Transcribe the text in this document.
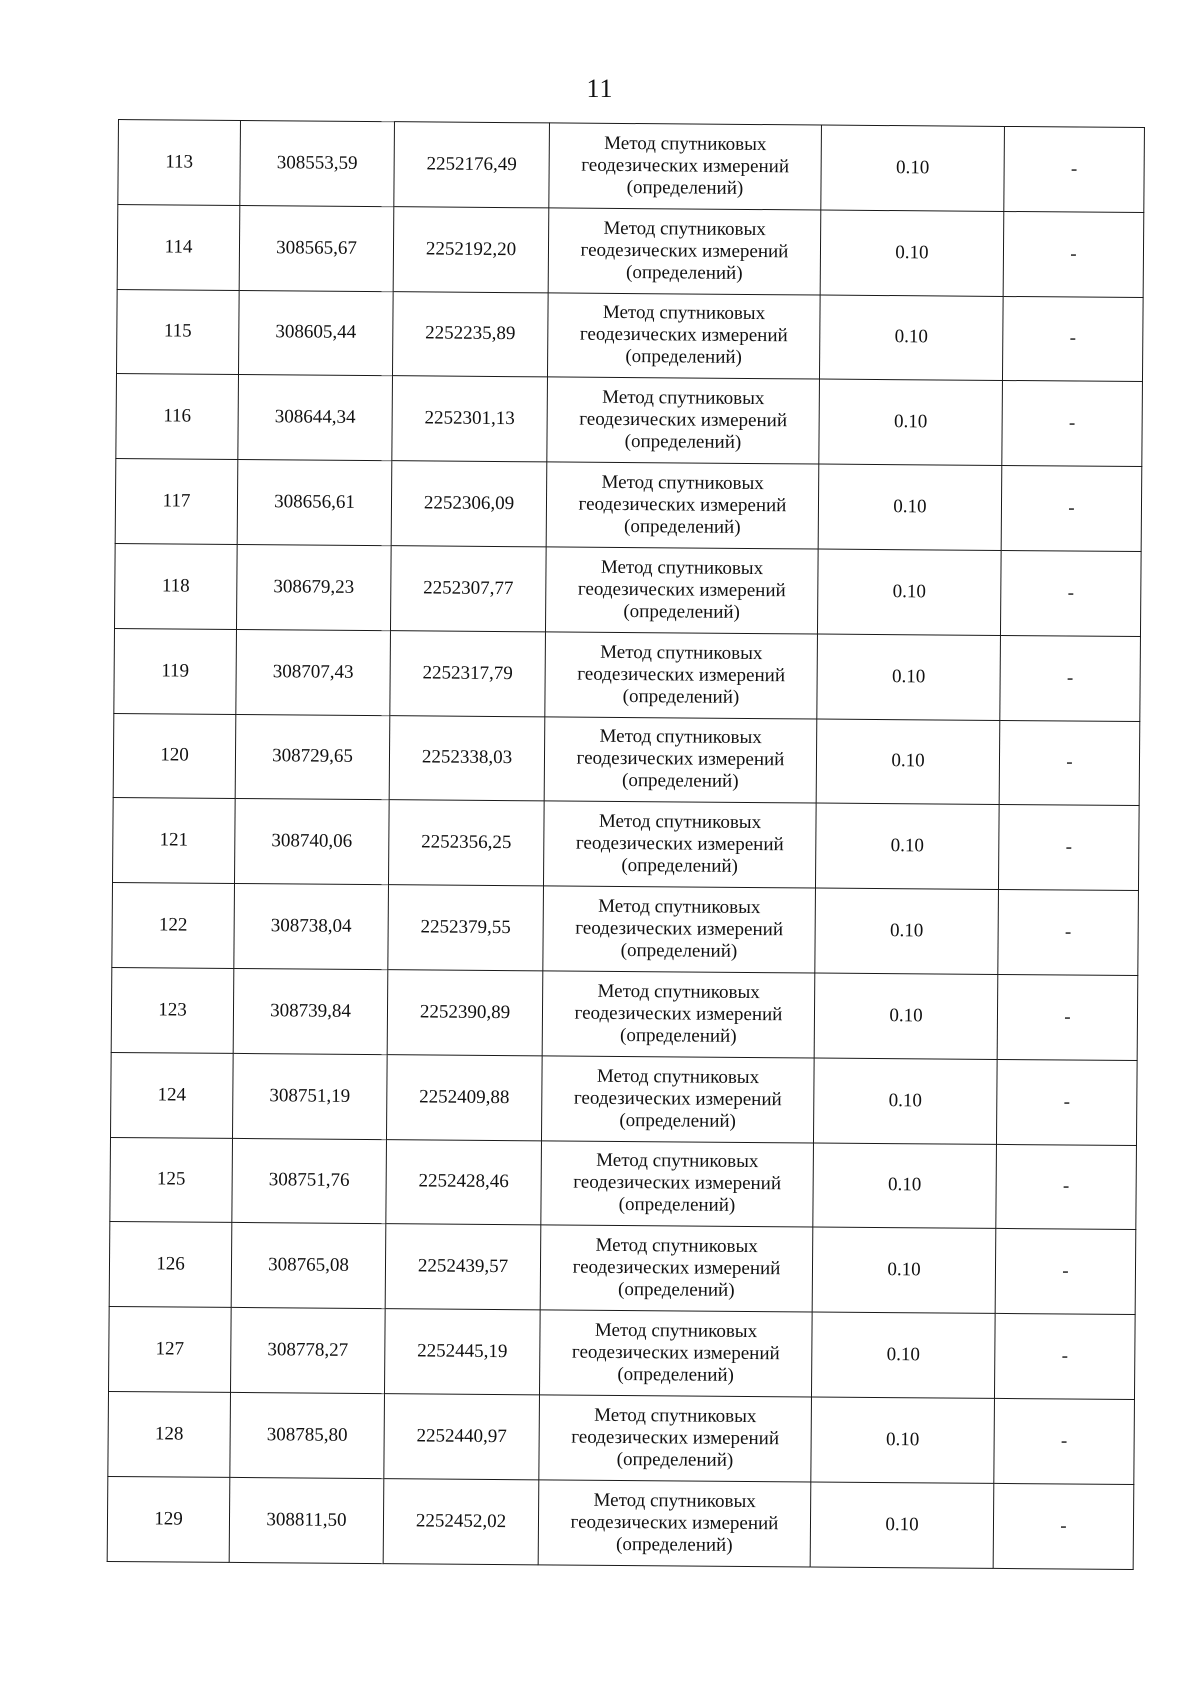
11
113	308553,59	2252176,49	Метод спутниковых
геодезических измерений
(определений)	0.10	-
114	308565,67	2252192,20	Метод спутниковых
геодезических измерений
(определений)	0.10	-
115	308605,44	2252235,89	Метод спутниковых
геодезических измерений
(определений)	0.10	-
116	308644,34	2252301,13	Метод спутниковых
геодезических измерений
(определений)	0.10	-
117	308656,61	2252306,09	Метод спутниковых
геодезических измерений
(определений)	0.10	-
118	308679,23	2252307,77	Метод спутниковых
геодезических измерений
(определений)	0.10	-
119	308707,43	2252317,79	Метод спутниковых
геодезических измерений
(определений)	0.10	-
120	308729,65	2252338,03	Метод спутниковых
геодезических измерений
(определений)	0.10	-
121	308740,06	2252356,25	Метод спутниковых
геодезических измерений
(определений)	0.10	-
122	308738,04	2252379,55	Метод спутниковых
геодезических измерений
(определений)	0.10	-
123	308739,84	2252390,89	Метод спутниковых
геодезических измерений
(определений)	0.10	-
124	308751,19	2252409,88	Метод спутниковых
геодезических измерений
(определений)	0.10	-
125	308751,76	2252428,46	Метод спутниковых
геодезических измерений
(определений)	0.10	-
126	308765,08	2252439,57	Метод спутниковых
геодезических измерений
(определений)	0.10	-
127	308778,27	2252445,19	Метод спутниковых
геодезических измерений
(определений)	0.10	-
128	308785,80	2252440,97	Метод спутниковых
геодезических измерений
(определений)	0.10	-
129	308811,50	2252452,02	Метод спутниковых
геодезических измерений
(определений)	0.10	-
